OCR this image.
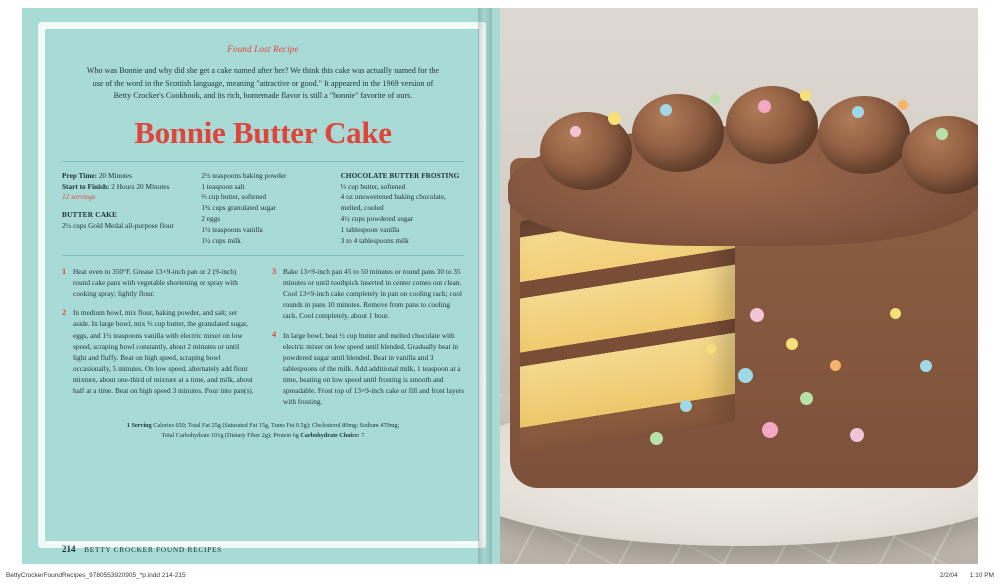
Found Lost Recipe
Who was Bonnie and why did she get a cake named after her? We think this cake was actually named for the use of the word in the Scottish language, meaning "attractive or good." It appeared in the 1969 version of Betty Crocker's Cookbook, and its rich, homemade flavor is still a "bonnie" favorite of ours.
Bonnie Butter Cake
Prep Time: 20 Minutes
Start to Finish: 2 Hours 20 Minutes
12 servings
BUTTER CAKE
2¼ cups Gold Medal all-purpose flour
2½ teaspoons baking powder
1 teaspoon salt
⅔ cup butter, softened
1¾ cups granulated sugar
2 eggs
1½ teaspoons vanilla
1¼ cups milk
CHOCOLATE BUTTER FROSTING
⅓ cup butter, softened
4 oz unsweetened baking chocolate, melted, cooled
4½ cups powdered sugar
1 tablespoon vanilla
3 to 4 tablespoons milk
1 Heat oven to 350°F. Grease 13×9-inch pan or 2 (9-inch) round cake pans with vegetable shortening or spray with cooking spray; lightly flour.
2 In medium bowl, mix flour, baking powder, and salt; set aside. In large bowl, mix ⅔ cup butter, the granulated sugar, eggs, and 1½ teaspoons vanilla with electric mixer on low speed, scraping bowl constantly, about 2 minutes or until light and fluffy. Beat on high speed, scraping bowl occasionally, 5 minutes. On low speed, alternately add flour mixture, about one-third of mixture at a time, and milk, about half at a time. Beat on high speed 3 minutes. Pour into pan(s).
3 Bake 13×9-inch pan 45 to 50 minutes or round pans 30 to 35 minutes or until toothpick inserted in center comes out clean. Cool 13×9-inch cake completely in pan on cooling rack; cool rounds in pans 10 minutes. Remove from pans to cooling rack. Cool completely, about 1 hour.
4 In large bowl, beat ½ cup butter and melted chocolate with electric mixer on low speed until blended. Gradually beat in powdered sugar until blended. Beat in vanilla and 3 tablespoons of the milk. Add additional milk, 1 teaspoon at a time, beating on low speed until frosting is smooth and spreadable. Frost top of 13×9-inch cake or fill and frost layers with frosting.
1 Serving Calories 650; Total Fat 25g (Saturated Fat 15g, Trans Fat 0.5g); Cholesterol 80mg; Sodium 470mg;
Total Carbohydrate 101g (Dietary Fiber 2g); Protein 6g Carbohydrate Choice: 7
214 BETTY CROCKER FOUND RECIPES
BettyCrockerFoundRecipes_9780553920905_*p.indd 214-215	2/2/04 1:10 PM
